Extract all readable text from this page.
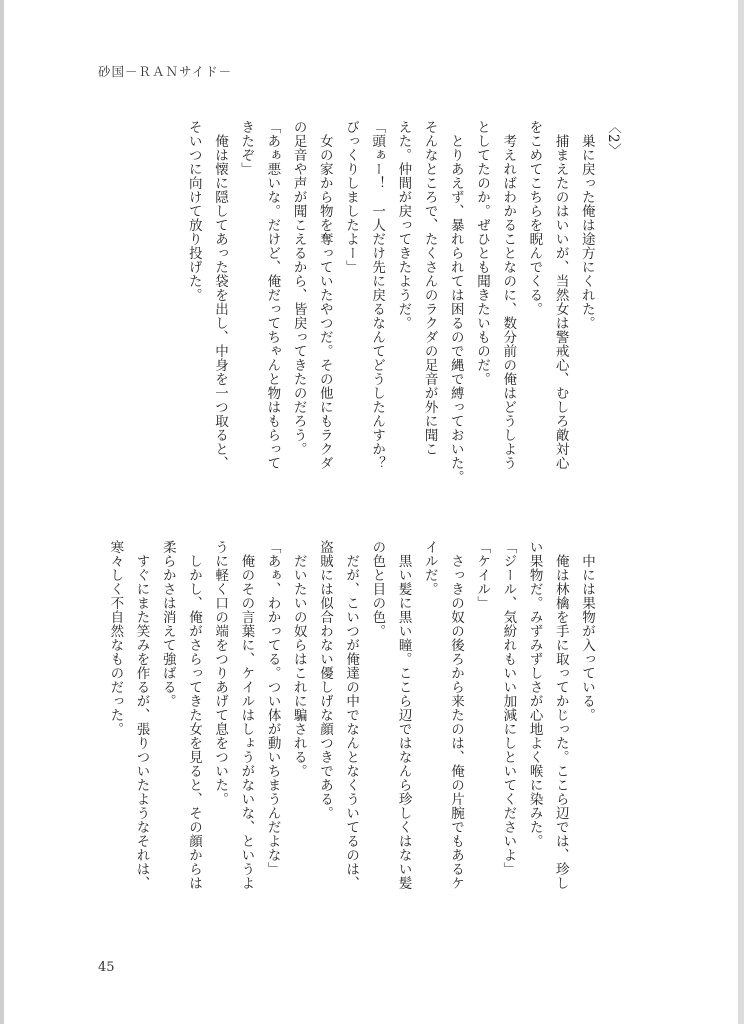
砂国－ＲＡＮサイド－
〈2〉
巣に戻った俺は途方にくれた。
捕まえたのはいいが、当然女は警戒心、むしろ敵対心
をこめてこちらを睨んでくる。
考えればわかることなのに、数分前の俺はどうしよう
としてたのか。ぜひとも聞きたいものだ。
とりあえず、暴れられては困るので縄で縛っておいた。
そんなところで、たくさんのラクダの足音が外に聞こ
えた。仲間が戻ってきたようだ。
「頭ぁー！　一人だけ先に戻るなんてどうしたんすか？
びっくりしましたよー」
女の家から物を奪っていたやつだ。その他にもラクダ
の足音や声が聞こえるから、皆戻ってきたのだろう。
「あぁ悪いな。だけど、俺だってちゃんと物はもらって
きたぞ」
俺は懐に隠してあった袋を出し、中身を一つ取ると、
そいつに向けて放り投げた。
中には果物が入っている。
俺は林檎を手に取ってかじった。ここら辺では、珍し
い果物だ。みずみずしさが心地よく喉に染みた。
「ジール、気紛れもいい加減にしといてくださいよ」
「ケイル」
さっきの奴の後ろから来たのは、俺の片腕でもあるケ
イルだ。
黒い髪に黒い瞳。ここら辺ではなんら珍しくはない髪
の色と目の色。
だが、こいつが俺達の中でなんとなくういてるのは、
盗賊には似合わない優しげな顔つきである。
だいたいの奴らはこれに騙される。
「あぁ、わかってる。つい体が動いちまうんだよな」
俺のその言葉に、ケイルはしょうがないな、というよ
うに軽く口の端をつりあげて息をついた。
しかし、俺がさらってきた女を見ると、その顔からは
柔らかさは消えて強ばる。
すぐにまた笑みを作るが、張りついたようなそれは、
寒々しく不自然なものだった。
45
